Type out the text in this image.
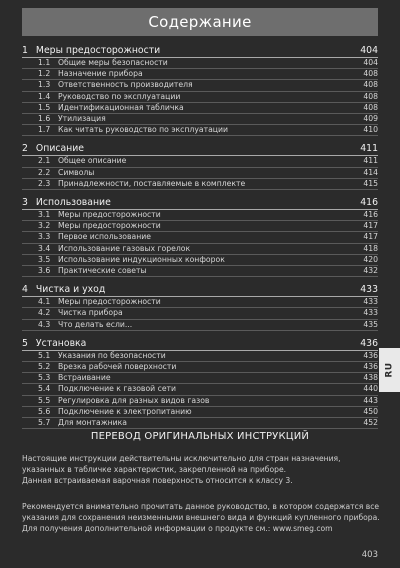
Содержание
1 Меры предосторожности	404
1.1	Общие меры безопасности	404
1.2	Назначение прибора	408
1.3	Ответственность производителя	408
1.4	Руководство по эксплуатации	408
1.5	Идентификационная табличка	408
1.6	Утилизация	409
1.7	Как читать руководство по эксплуатации	410
2 Описание	411
2.1	Общее описание	411
2.2	Символы	414
2.3	Принадлежности, поставляемые в комплекте	415
3 Использование	416
3.1	Меры предосторожности	416
3.2	Меры предосторожности	417
3.3	Первое использование	417
3.4	Использование газовых горелок	418
3.5	Использование индукционных конфорок	420
3.6	Практические советы	432
4 Чистка и уход	433
4.1	Меры предосторожности	433
4.2	Чистка прибора	433
4.3	Что делать если...	435
5 Установка	436
5.1	Указания по безопасности	436
5.2	Врезка рабочей поверхности	436
5.3	Встраивание	438
5.4	Подключение к газовой сети	440
5.5	Регулировка для разных видов газов	443
5.6	Подключение к электропитанию	450
5.7	Для монтажника	452
RU
ПЕРЕВОД ОРИГИНАЛЬНЫХ ИНСТРУКЦИЙ
Настоящие инструкции действительны исключительно для стран назначения,
указанных в табличке характеристик, закрепленной на приборе.
Данная встраиваемая варочная поверхность относится к классу 3.
Рекомендуется внимательно прочитать данное руководство, в котором содержатся все
указания для сохранения неизменными внешнего вида и функций купленного прибора.
Для получения дополнительной информации о продукте см.: www.smeg.com
403
